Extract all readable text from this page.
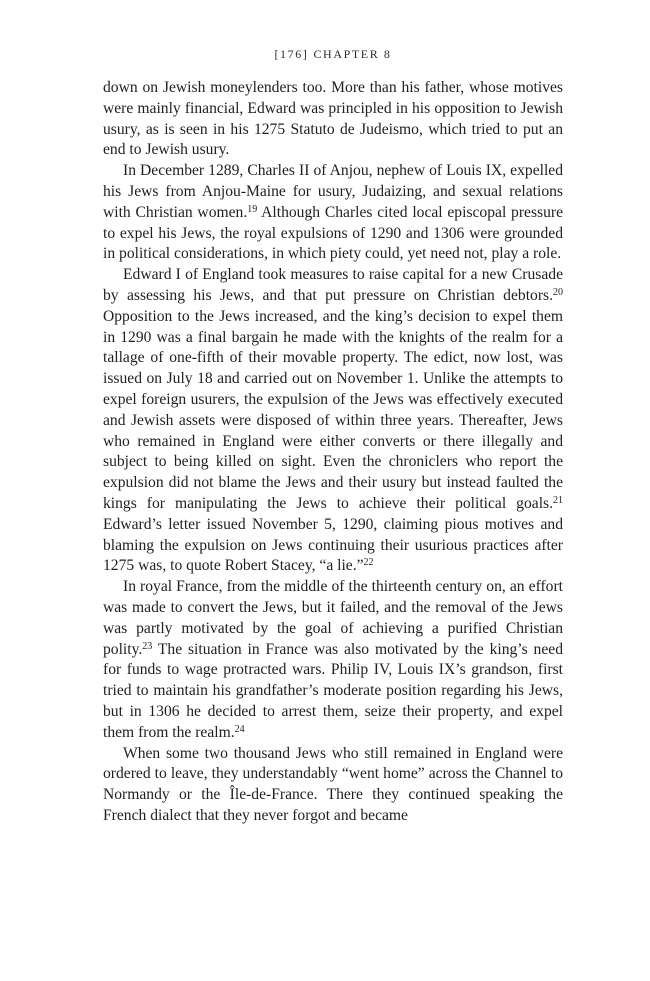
[176] CHAPTER 8

down on Jewish moneylenders too. More than his father, whose motives were mainly financial, Edward was principled in his opposition to Jewish usury, as is seen in his 1275 Statuto de Judeismo, which tried to put an end to Jewish usury.

In December 1289, Charles II of Anjou, nephew of Louis IX, expelled his Jews from Anjou-Maine for usury, Judaizing, and sexual relations with Christian women.$^{19}$ Although Charles cited local episcopal pressure to expel his Jews, the royal expulsions of 1290 and 1306 were grounded in political considerations, in which piety could, yet need not, play a role.

Edward I of England took measures to raise capital for a new Crusade by assessing his Jews, and that put pressure on Christian debtors.$^{20}$ Opposition to the Jews increased, and the king’s decision to expel them in 1290 was a final bargain he made with the knights of the realm for a tallage of one-fifth of their movable property. The edict, now lost, was issued on July 18 and carried out on November 1. Unlike the attempts to expel foreign usurers, the expulsion of the Jews was effectively executed and Jewish assets were disposed of within three years. Thereafter, Jews who remained in England were either converts or there illegally and subject to being killed on sight. Even the chroniclers who report the expulsion did not blame the Jews and their usury but instead faulted the kings for manipulating the Jews to achieve their political goals.$^{21}$ Edward’s letter issued November 5, 1290, claiming pious motives and blaming the expulsion on Jews continuing their usurious practices after 1275 was, to quote Robert Stacey, “a lie.”$^{22}$

In royal France, from the middle of the thirteenth century on, an effort was made to convert the Jews, but it failed, and the removal of the Jews was partly motivated by the goal of achieving a purified Christian polity.$^{23}$ The situation in France was also motivated by the king’s need for funds to wage protracted wars. Philip IV, Louis IX’s grandson, first tried to maintain his grandfather’s moderate position regarding his Jews, but in 1306 he decided to arrest them, seize their property, and expel them from the realm.$^{24}$

When some two thousand Jews who still remained in England were ordered to leave, they understandably “went home” across the Channel to Normandy or the Île-de-France. There they continued speaking the French dialect that they never forgot and became
